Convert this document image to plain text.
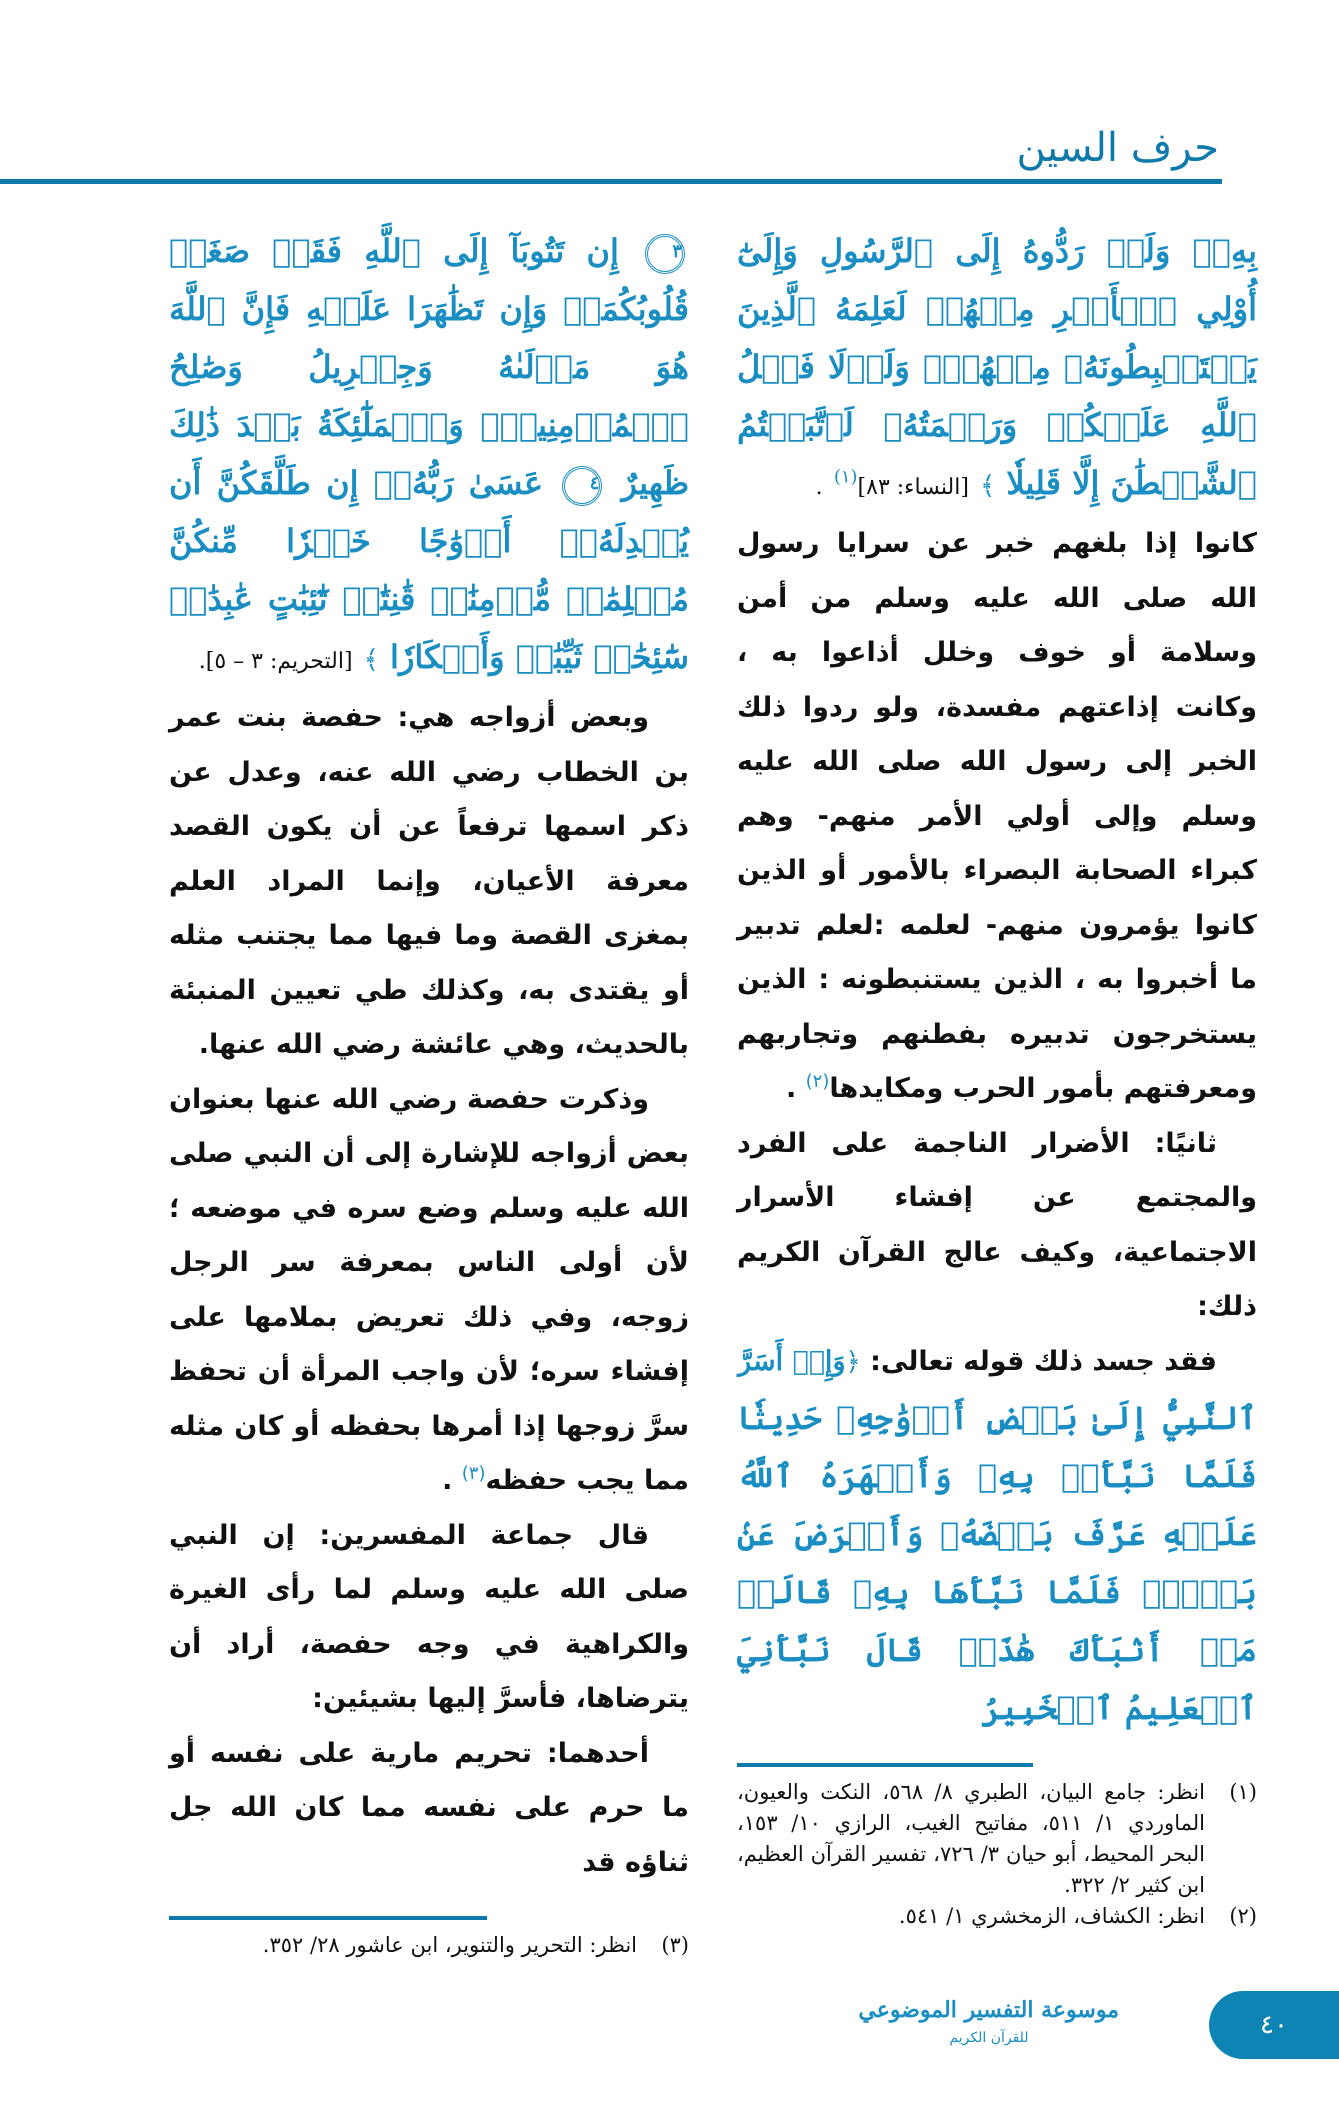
حرف السين

بِهِۦۖ وَلَوۡ رَدُّوهُ إِلَى ٱلرَّسُولِ وَإِلَىٰٓ أُوْلِي ٱلۡأَمۡرِ مِنۡهُمۡ لَعَلِمَهُ ٱلَّذِينَ يَسۡتَنۢبِطُونَهُۥ مِنۡهُمۡۗ وَلَوۡلَا فَضۡلُ ٱللَّهِ عَلَيۡكُمۡ وَرَحۡمَتُهُۥ لَٱتَّبَعۡتُمُ ٱلشَّيۡطَٰنَ إِلَّا قَلِيلٗا ﴾ [النساء: ٨٣]$^{(١)}$ .

كانوا إذا بلغهم خبر عن سرايا رسول الله صلى الله عليه وسلم من أمن وسلامة أو خوف وخلل أذاعوا به ، وكانت إذاعتهم مفسدة، ولو ردوا ذلك الخبر إلى رسول الله صلى الله عليه وسلم وإلى أولي الأمر منهم- وهم كبراء الصحابة البصراء بالأمور أو الذين كانوا يؤمرون منهم- لعلمه :لعلم تدبير ما أخبروا به ، الذين يستنبطونه : الذين يستخرجون تدبيره بفطنهم وتجاربهم ومعرفتهم بأمور الحرب ومكايدها$^{(٢)}$ .

ثانيًا: الأضرار الناجمة على الفرد والمجتمع عن إفشاء الأسرار الاجتماعية، وكيف عالج القرآن الكريم ذلك:

فقد جسد ذلك قوله تعالى: ﴿وَإِذۡ أَسَرَّ

ٱلنَّبِيُّ إِلَىٰ بَعۡضِ أَزۡوَٰجِهِۦ حَدِيثٗا فَلَمَّا نَبَّأَتۡ بِهِۦ وَأَظۡهَرَهُ ٱللَّهُ عَلَيۡهِ عَرَّفَ بَعۡضَهُۥ وَأَعۡرَضَ عَنۢ بَعۡضٖۖ فَلَمَّا نَبَّأَهَا بِهِۦ قَالَتۡ مَنۡ أَنۢبَأَكَ هَٰذَاۖ قَالَ نَبَّأَنِيَ ٱلۡعَلِيمُ ٱلۡخَبِيرُ

(١)
انظر: جامع البيان، الطبري ٨/ ٥٦٨، النكت والعيون، الماوردي ١/ ٥١١، مفاتيح الغيب، الرازي ١٠/ ١٥٣، البحر المحيط، أبو حيان ٣/ ٧٢٦، تفسير القرآن العظيم، ابن كثير ٢/ ٣٢٢.

(٢)
انظر: الكشاف، الزمخشري ١/ ٥٤١.

٣ إِن تَتُوبَآ إِلَى ٱللَّهِ فَقَدۡ صَغَتۡ قُلُوبُكُمَاۖ وَإِن تَظَٰهَرَا عَلَيۡهِ فَإِنَّ ٱللَّهَ هُوَ مَوۡلَىٰهُ وَجِبۡرِيلُ وَصَٰلِحُ ٱلۡمُؤۡمِنِينَۖ وَٱلۡمَلَٰٓئِكَةُ بَعۡدَ ذَٰلِكَ ظَهِيرٌ ٤ عَسَىٰ رَبُّهُۥٓ إِن طَلَّقَكُنَّ أَن يُبۡدِلَهُۥٓ أَزۡوَٰجًا خَيۡرٗا مِّنكُنَّ مُسۡلِمَٰتٖ مُّؤۡمِنَٰتٖ قَٰنِتَٰتٖ تَٰٓئِبَٰتٍ عَٰبِدَٰتٖ سَٰٓئِحَٰتٖ ثَيِّبَٰتٖ وَأَبۡكَارٗا ﴾ [التحريم: ٣ – ٥].

وبعض أزواجه هي: حفصة بنت عمر بن الخطاب رضي الله عنه، وعدل عن ذكر اسمها ترفعاً عن أن يكون القصد معرفة الأعيان، وإنما المراد العلم بمغزى القصة وما فيها مما يجتنب مثله أو يقتدى به، وكذلك طي تعيين المنبئة بالحديث، وهي عائشة رضي الله عنها.

وذكرت حفصة رضي الله عنها بعنوان بعض أزواجه للإشارة إلى أن النبي صلى الله عليه وسلم وضع سره في موضعه ؛ لأن أولى الناس بمعرفة سر الرجل زوجه، وفي ذلك تعريض بملامها على إفشاء سره؛ لأن واجب المرأة أن تحفظ سرَّ زوجها إذا أمرها بحفظه أو كان مثله مما يجب حفظه$^{(٣)}$ .

قال جماعة المفسرين: إن النبي صلى الله عليه وسلم لما رأى الغيرة والكراهية في وجه حفصة، أراد أن يترضاها، فأسرَّ إليها بشيئين:

أحدهما: تحريم مارية على نفسه أو ما حرم على نفسه مما كان الله جل ثناؤه قد

(٣)
انظر: التحرير والتنوير، ابن عاشور ٢٨/ ٣٥٢.

موسوعة التفسير الموضوعي
للقرآن الكريم	٤٠
